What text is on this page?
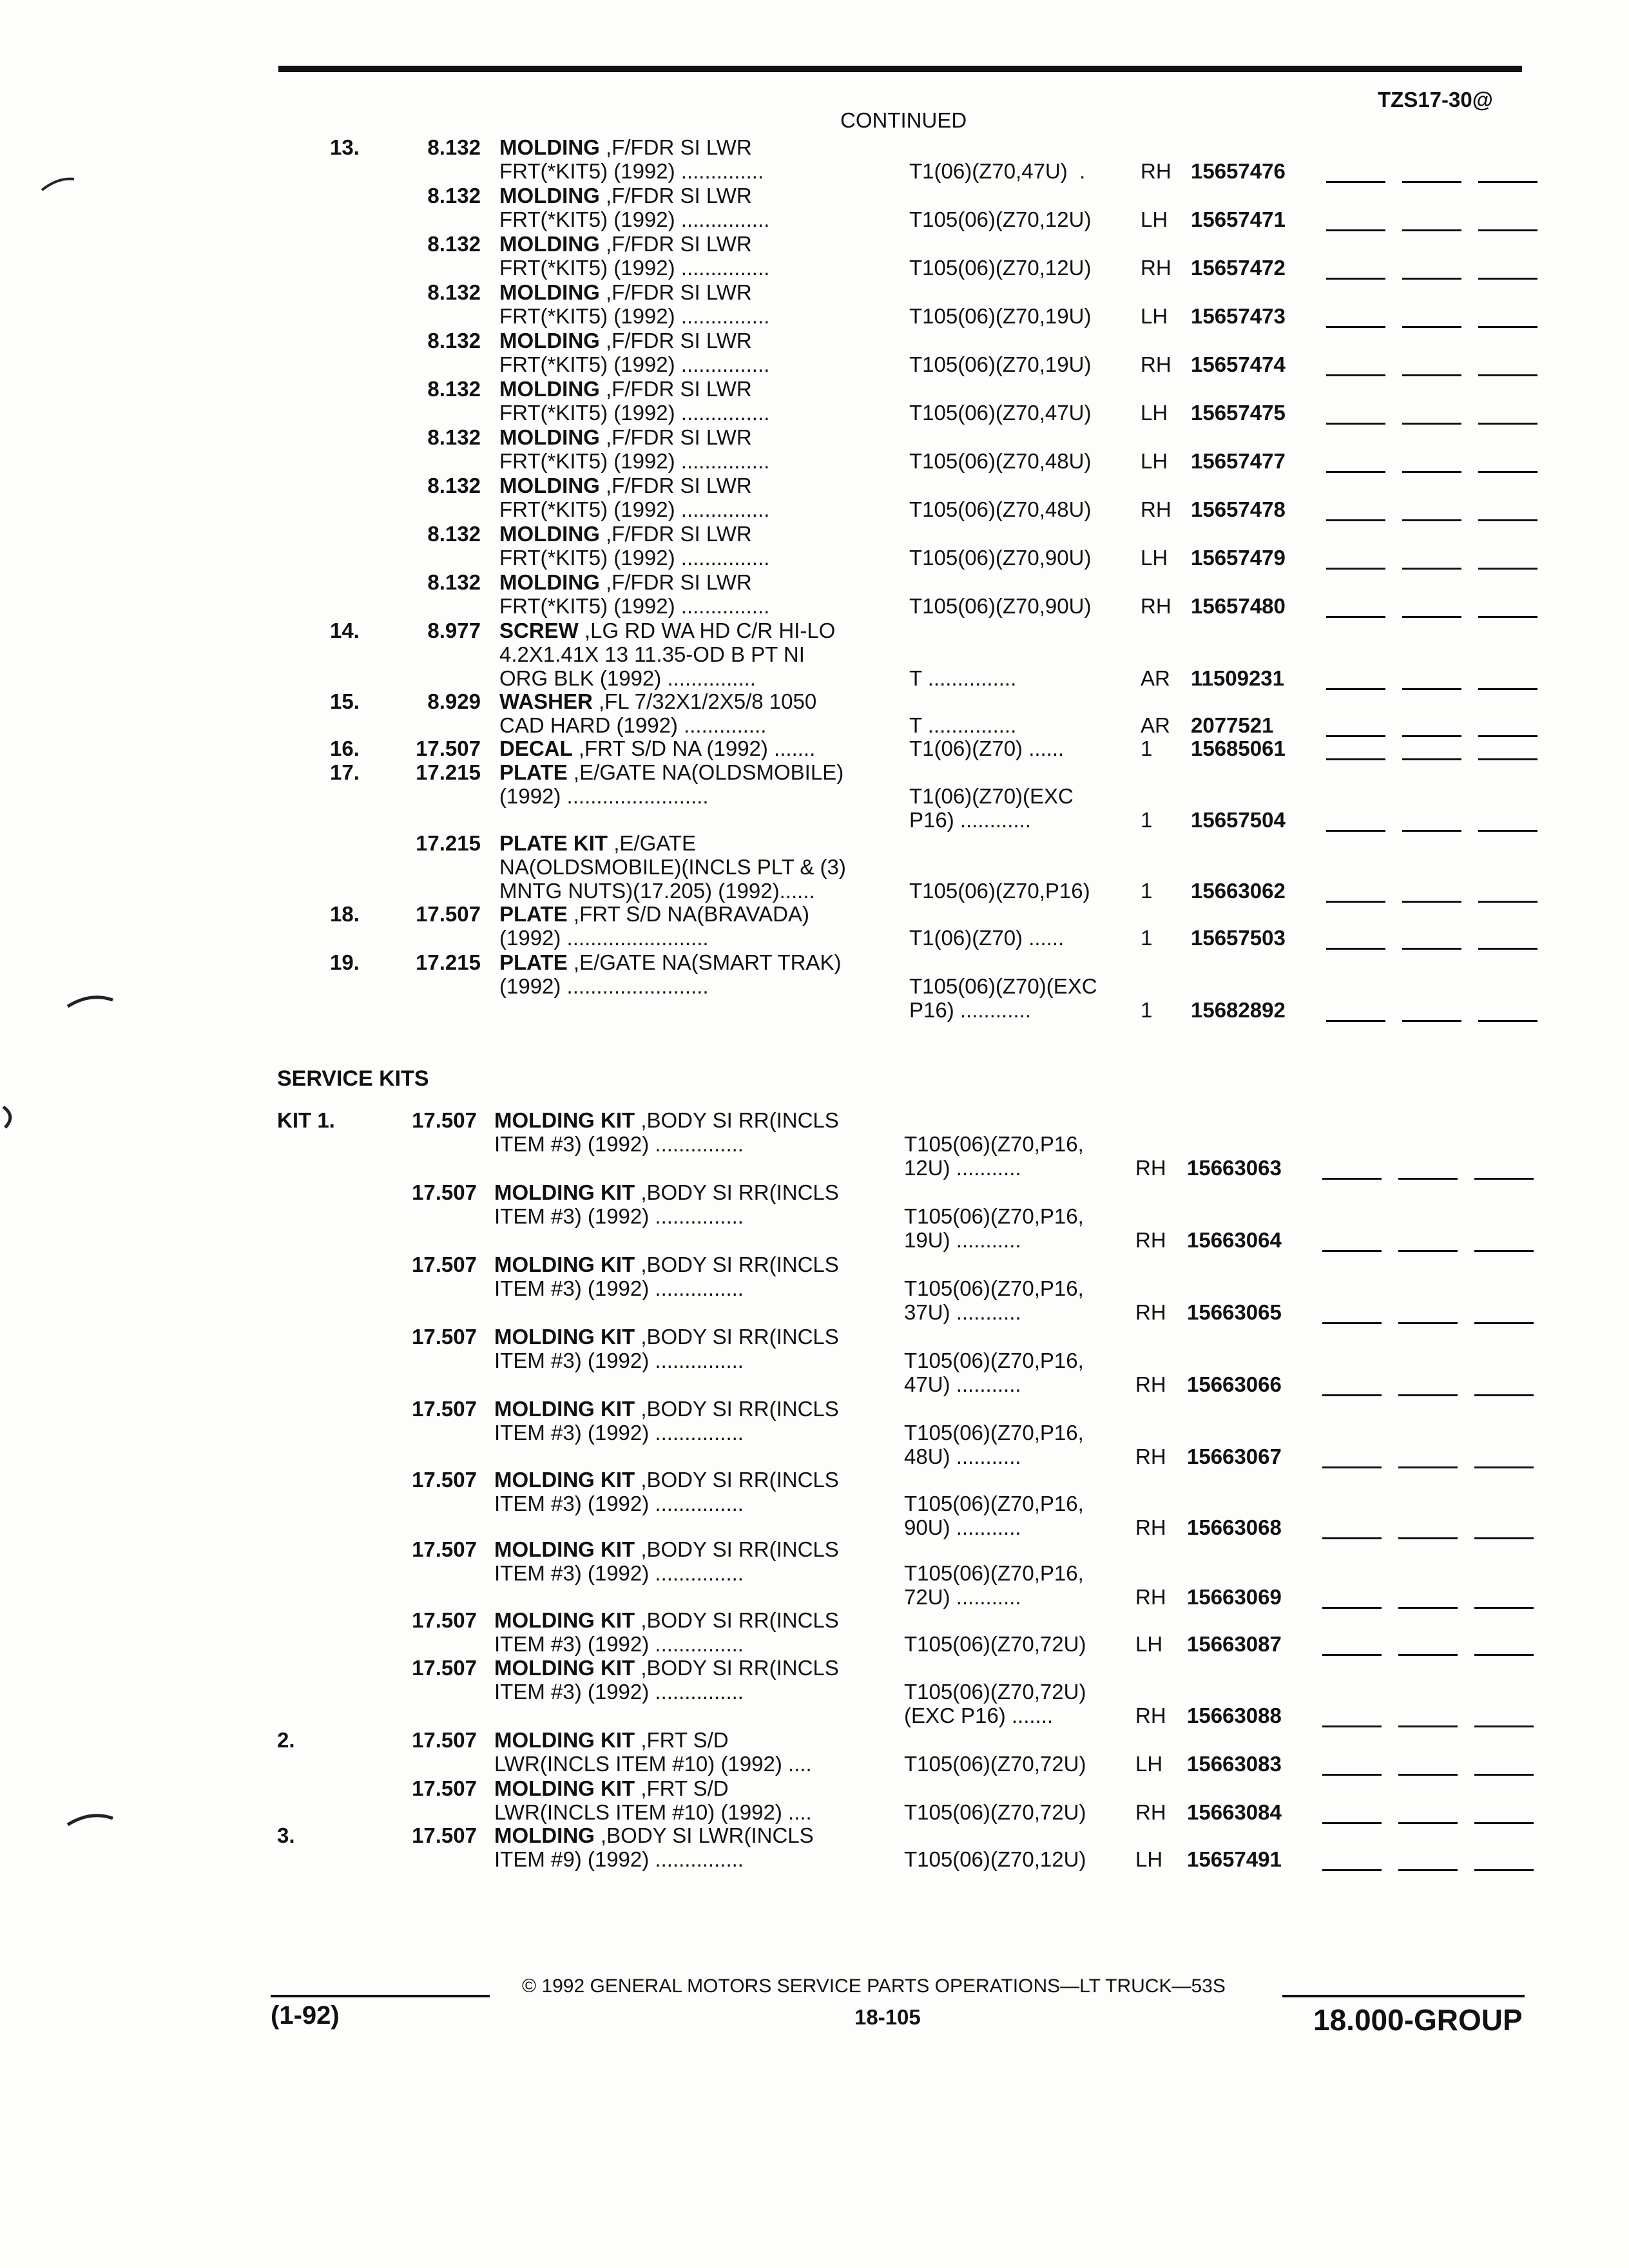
TZS17-30@
CONTINUED
13.	8.132 MOLDING ,F/FDR SI LWR
FRT(*KIT5) (1992) ..............	T1(06)(Z70,47U)  .	RH 15657476
8.132 MOLDING ,F/FDR SI LWR
FRT(*KIT5) (1992) ...............	T105(06)(Z70,12U) LH 15657471
8.132 MOLDING ,F/FDR SI LWR
FRT(*KIT5) (1992) ...............	T105(06)(Z70,12U) RH 15657472
8.132 MOLDING ,F/FDR SI LWR
FRT(*KIT5) (1992) ...............	T105(06)(Z70,19U) LH 15657473
8.132 MOLDING ,F/FDR SI LWR
FRT(*KIT5) (1992) ...............	T105(06)(Z70,19U) RH 15657474
8.132 MOLDING ,F/FDR SI LWR
FRT(*KIT5) (1992) ...............	T105(06)(Z70,47U) LH 15657475
8.132 MOLDING ,F/FDR SI LWR
FRT(*KIT5) (1992) ...............	T105(06)(Z70,48U) LH 15657477
8.132 MOLDING ,F/FDR SI LWR
FRT(*KIT5) (1992) ...............	T105(06)(Z70,48U) RH 15657478
8.132 MOLDING ,F/FDR SI LWR
FRT(*KIT5) (1992) ...............	T105(06)(Z70,90U) LH 15657479
8.132 MOLDING ,F/FDR SI LWR
FRT(*KIT5) (1992) ...............	T105(06)(Z70,90U) RH 15657480
14.	8.977 SCREW ,LG RD WA HD C/R HI-LO
4.2X1.41X 13 11.35-OD B PT NI
ORG BLK (1992) ...............	T ...............	AR 11509231
15.	8.929 WASHER ,FL 7/32X1/2X5/8 1050
CAD HARD (1992) ..............	T ...............	AR 2077521
16.	17.507 DECAL ,FRT S/D NA (1992) .......	T1(06)(Z70) ......	1 15685061
17.	17.215 PLATE ,E/GATE NA(OLDSMOBILE)
(1992) ........................	T1(06)(Z70)(EXC
P16) ............	1 15657504
17.215 PLATE KIT ,E/GATE
NA(OLDSMOBILE)(INCLS PLT & (3)
MNTG NUTS)(17.205) (1992)......	T105(06)(Z70,P16) 1 15663062
18.	17.507 PLATE ,FRT S/D NA(BRAVADA)
(1992) ........................	T1(06)(Z70) ......	1 15657503
19.	17.215 PLATE ,E/GATE NA(SMART TRAK)
(1992) ........................	T105(06)(Z70)(EXC
P16) ............	1 15682892
SERVICE KITS
KIT 1.	17.507 MOLDING KIT ,BODY SI RR(INCLS
ITEM #3) (1992) ...............	T105(06)(Z70,P16,
12U) ...........	RH 15663063
17.507 MOLDING KIT ,BODY SI RR(INCLS
ITEM #3) (1992) ...............	T105(06)(Z70,P16,
19U) ...........	RH 15663064
17.507 MOLDING KIT ,BODY SI RR(INCLS
ITEM #3) (1992) ...............	T105(06)(Z70,P16,
37U) ...........	RH 15663065
17.507 MOLDING KIT ,BODY SI RR(INCLS
ITEM #3) (1992) ...............	T105(06)(Z70,P16,
47U) ...........	RH 15663066
17.507 MOLDING KIT ,BODY SI RR(INCLS
ITEM #3) (1992) ...............	T105(06)(Z70,P16,
48U) ...........	RH 15663067
17.507 MOLDING KIT ,BODY SI RR(INCLS
ITEM #3) (1992) ...............	T105(06)(Z70,P16,
90U) ...........	RH 15663068
17.507 MOLDING KIT ,BODY SI RR(INCLS
ITEM #3) (1992) ...............	T105(06)(Z70,P16,
72U) ...........	RH 15663069
17.507 MOLDING KIT ,BODY SI RR(INCLS
ITEM #3) (1992) ...............	T105(06)(Z70,72U) LH 15663087
17.507 MOLDING KIT ,BODY SI RR(INCLS
ITEM #3) (1992) ...............	T105(06)(Z70,72U)
(EXC P16) .......	RH 15663088
2.	17.507 MOLDING KIT ,FRT S/D
LWR(INCLS ITEM #10) (1992) ....	T105(06)(Z70,72U) LH 15663083
17.507 MOLDING KIT ,FRT S/D
LWR(INCLS ITEM #10) (1992) ....	T105(06)(Z70,72U) RH 15663084
3.	17.507 MOLDING ,BODY SI LWR(INCLS
ITEM #9) (1992) ...............	T105(06)(Z70,12U) LH 15657491
© 1992 GENERAL MOTORS SERVICE PARTS OPERATIONS—LT TRUCK—53S
(1-92)	18-105	18.000-GROUP
